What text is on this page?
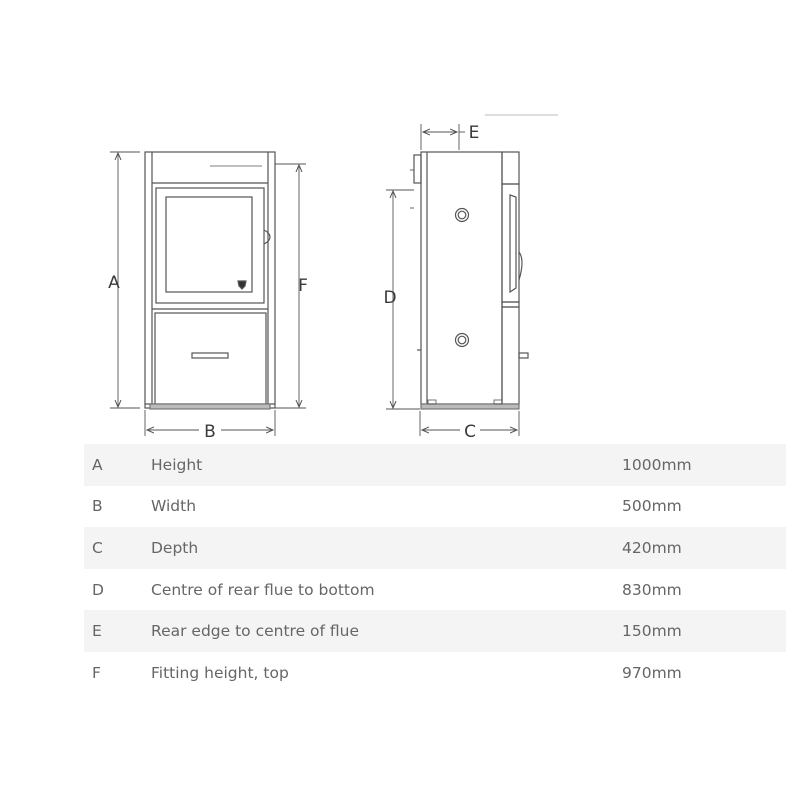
A	F
B
E
D
C
A	Height	1000mm
B	Width	500mm
C	Depth	420mm
D	Centre of rear flue to bottom	830mm
E	Rear edge to centre of flue	150mm
F	Fitting height, top	970mm
